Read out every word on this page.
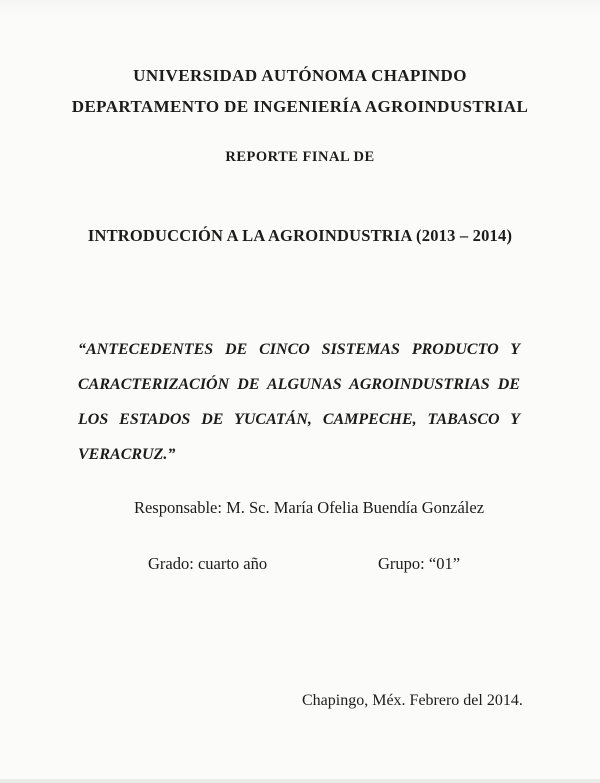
UNIVERSIDAD AUTÓNOMA CHAPINDO
DEPARTAMENTO DE INGENIERÍA AGROINDUSTRIAL
REPORTE FINAL DE
INTRODUCCIÓN A LA AGROINDUSTRIA (2013 – 2014)
“ANTECEDENTES DE CINCO SISTEMAS PRODUCTO Y CARACTERIZACIÓN DE ALGUNAS AGROINDUSTRIAS DE LOS ESTADOS DE YUCATÁN, CAMPECHE, TABASCO Y VERACRUZ.”
Responsable: M. Sc. María Ofelia Buendía González
Grado: cuarto año	Grupo: “01”
Chapingo, Méx. Febrero del 2014.
